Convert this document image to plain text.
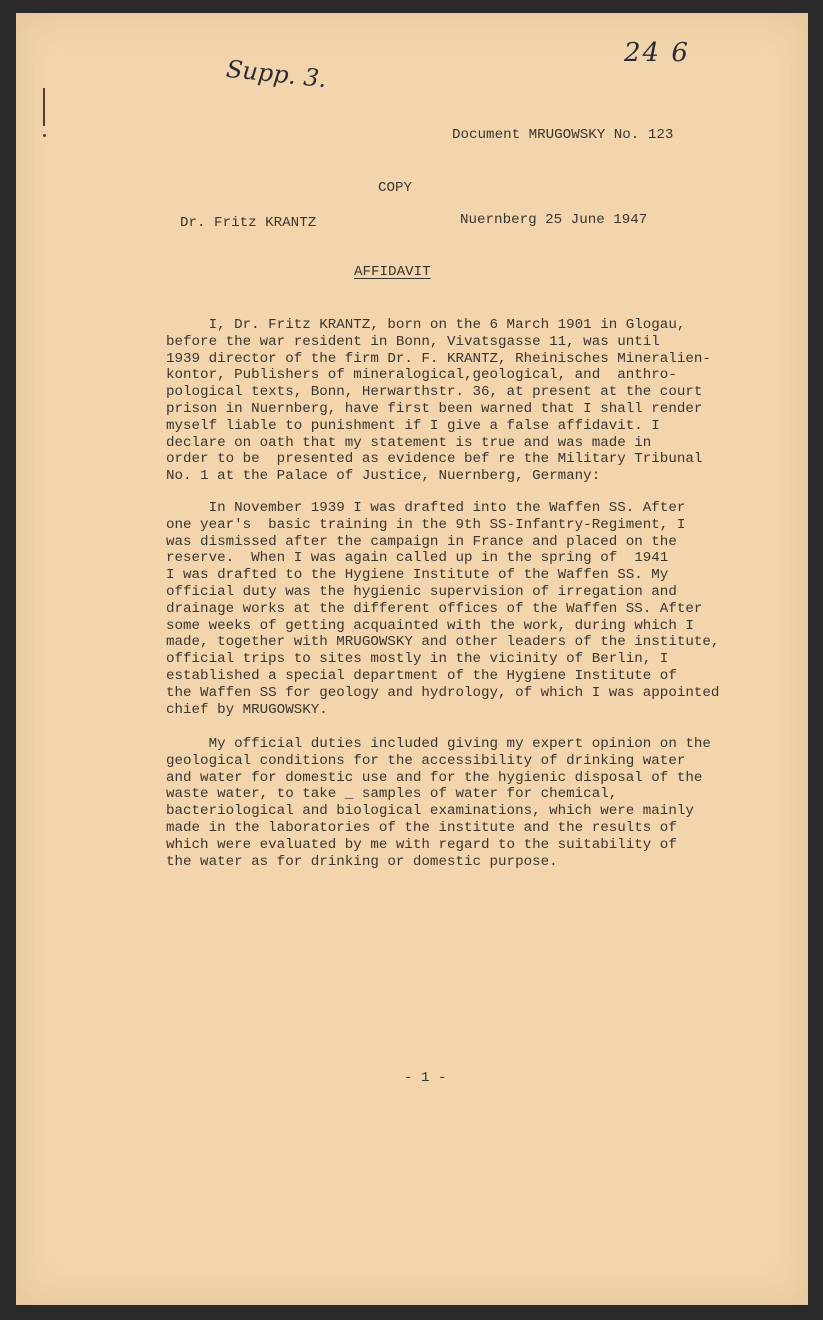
Supp. 3.
24 6
Document MRUGOWSKY No. 123
COPY
Dr. Fritz KRANTZ	Nuernberg 25 June 1947
AFFIDAVIT
I, Dr. Fritz KRANTZ, born on the 6 March 1901 in Glogau,
before the war resident in Bonn, Vivatsgasse 11, was until
1939 director of the firm Dr. F. KRANTZ, Rheinisches Mineralien-
kontor, Publishers of mineralogical,geological, and  anthro-
pological texts, Bonn, Herwarthstr. 36, at present at the court
prison in Nuernberg, have first been warned that I shall render
myself liable to punishment if I give a false affidavit. I
declare on oath that my statement is true and was made in
order to be  presented as evidence bef re the Military Tribunal
No. 1 at the Palace of Justice, Nuernberg, Germany:
In November 1939 I was drafted into the Waffen SS. After
one year's  basic training in the 9th SS-Infantry-Regiment, I
was dismissed after the campaign in France and placed on the
reserve.  When I was again called up in the spring of  1941
I was drafted to the Hygiene Institute of the Waffen SS. My
official duty was the hygienic supervision of irregation and
drainage works at the different offices of the Waffen SS. After
some weeks of getting acquainted with the work, during which I
made, together with MRUGOWSKY and other leaders of the institute,
official trips to sites mostly in the vicinity of Berlin, I
established a special department of the Hygiene Institute of
the Waffen SS for geology and hydrology, of which I was appointed
chief by MRUGOWSKY.
My official duties included giving my expert opinion on the
geological conditions for the accessibility of drinking water
and water for domestic use and for the hygienic disposal of the
waste water, to take _ samples of water for chemical,
bacteriological and biological examinations, which were mainly
made in the laboratories of the institute and the results of
which were evaluated by me with regard to the suitability of
the water as for drinking or domestic purpose.
- 1 -
